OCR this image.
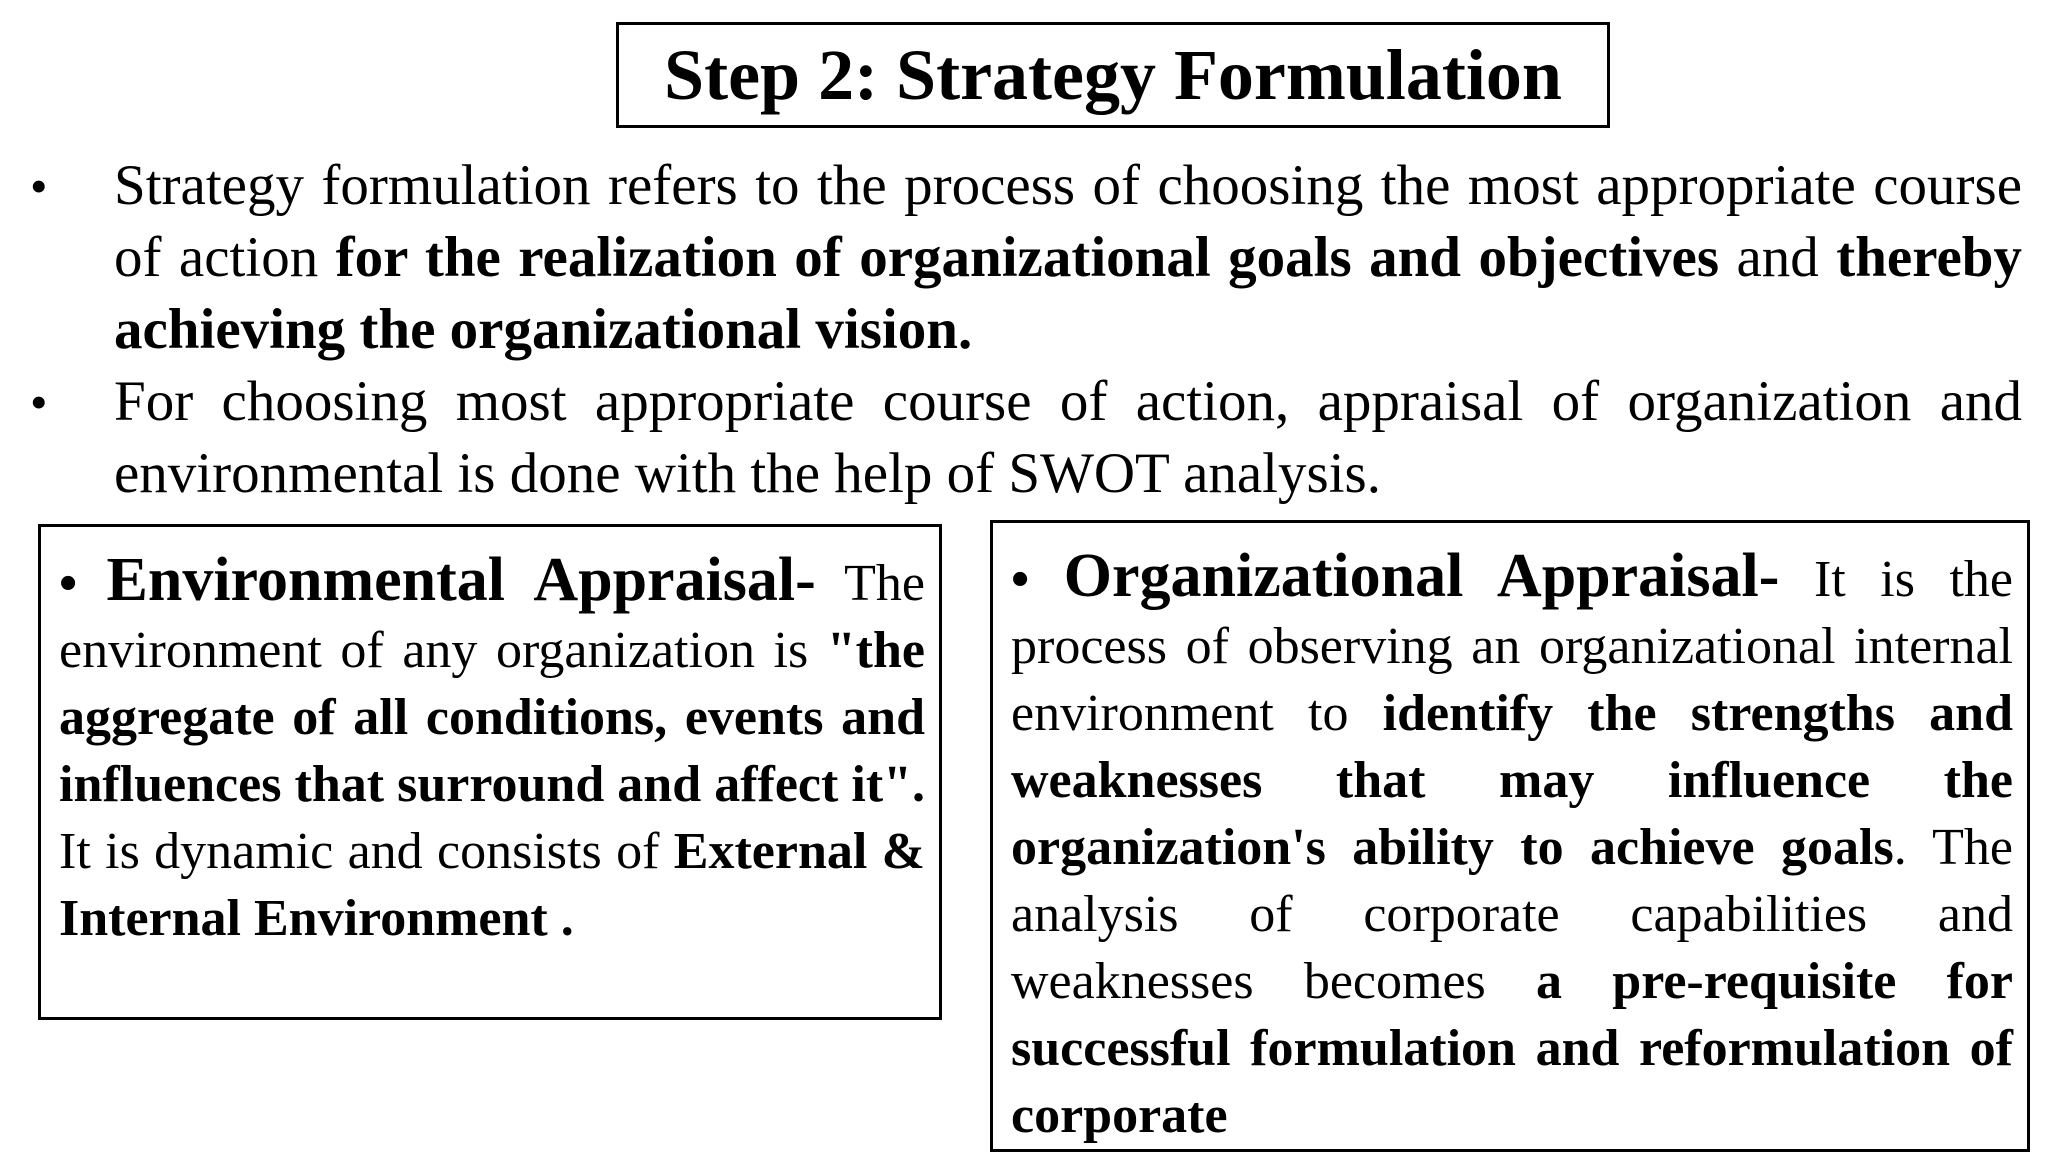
Step 2: Strategy Formulation
• Strategy formulation refers to the process of choosing the most appropriate course of action for the realization of organizational goals and objectives and thereby achieving the organizational vision.
• For choosing most appropriate course of action, appraisal of organization and environmental is done with the help of SWOT analysis.
• Environmental Appraisal- The environment of any organization is "the aggregate of all conditions, events and influences that surround and affect it". It is dynamic and consists of External & Internal Environment .
• Organizational Appraisal- It is the process of observing an organizational internal environment to identify the strengths and weaknesses that may influence the organization's ability to achieve goals. The analysis of corporate capabilities and weaknesses becomes a pre-requisite for successful formulation and reformulation of corporate
